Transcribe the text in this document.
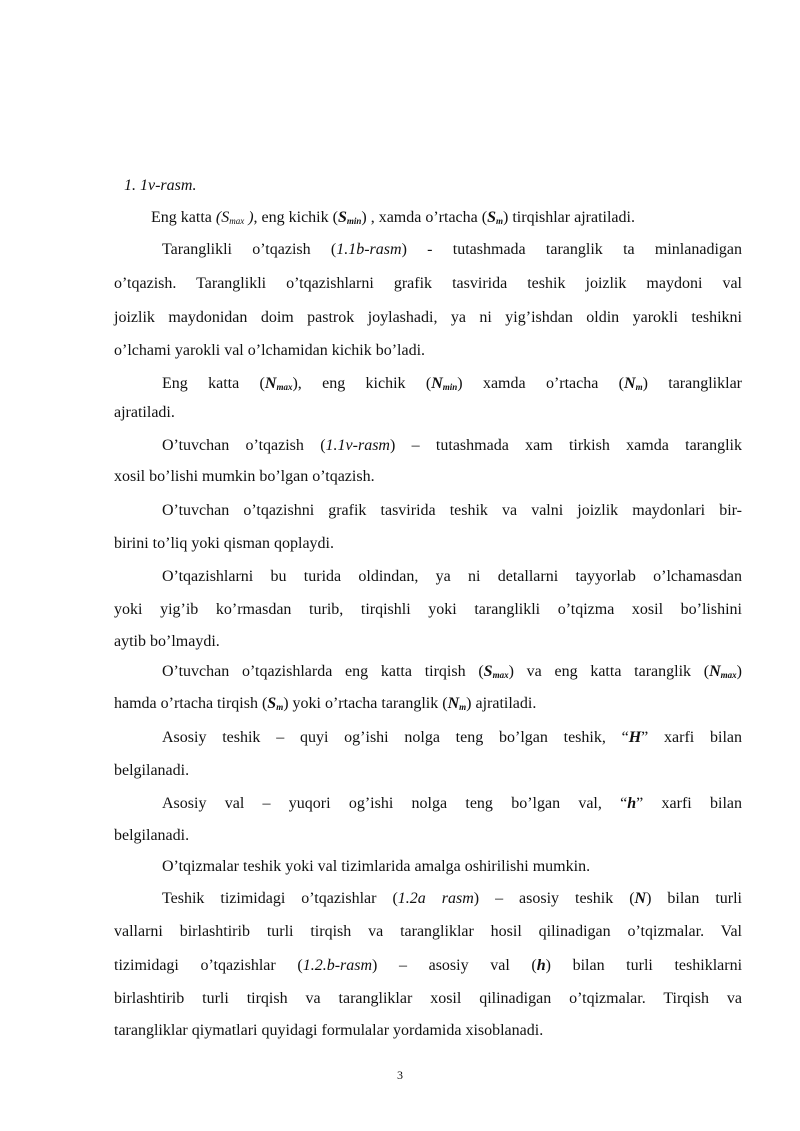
1. 1v-rasm.
Eng katta ($S_{max}$ ), eng kichik $(S_{min})$ , xamda o’rtacha $(S_m)$ tirqishlar ajratiladi.
Taranglikli o’tqazish (1.1b-rasm) - tutashmada taranglik ta minlanadigan
o’tqazish. Taranglikli o’tqazishlarni grafik tasvirida teshik joizlik maydoni val
joizlik maydonidan doim pastrok joylashadi, ya ni yig’ishdan oldin yarokli teshikni
o’lchami yarokli val o’lchamidan kichik bo’ladi.
Eng katta $(N_{max})$, eng kichik $(N_{min})$ xamda o’rtacha $(N_m)$ tarangliklar
ajratiladi.
O’tuvchan o’tqazish (1.1v-rasm) – tutashmada xam tirkish xamda taranglik
xosil bo’lishi mumkin bo’lgan o’tqazish.
O’tuvchan o’tqazishni grafik tasvirida teshik va valni joizlik maydonlari bir-
birini to’liq yoki qisman qoplaydi.
O’tqazishlarni bu turida oldindan, ya ni detallarni tayyorlab o’lchamasdan
yoki yig’ib ko’rmasdan turib, tirqishli yoki taranglikli o’tqizma xosil bo’lishini
aytib bo’lmaydi.
O’tuvchan o’tqazishlarda eng katta tirqish $(S_{max})$ va eng katta taranglik $(N_{max})$
hamda o’rtacha tirqish $(S_m)$ yoki o’rtacha taranglik $(N_m)$ ajratiladi.
Asosiy teshik – quyi og’ishi nolga teng bo’lgan teshik, “H” xarfi bilan
belgilanadi.
Asosiy val – yuqori og’ishi nolga teng bo’lgan val, “h” xarfi bilan
belgilanadi.
O’tqizmalar teshik yoki val tizimlarida amalga oshirilishi mumkin.
Teshik tizimidagi o’tqazishlar (1.2a rasm) – asosiy teshik (N) bilan turli
vallarni birlashtirib turli tirqish va tarangliklar hosil qilinadigan o’tqizmalar. Val
tizimidagi o’tqazishlar (1.2.b-rasm) – asosiy val (h) bilan turli teshiklarni
birlashtirib turli tirqish va tarangliklar xosil qilinadigan o’tqizmalar. Tirqish va
tarangliklar qiymatlari quyidagi formulalar yordamida xisoblanadi.
3
